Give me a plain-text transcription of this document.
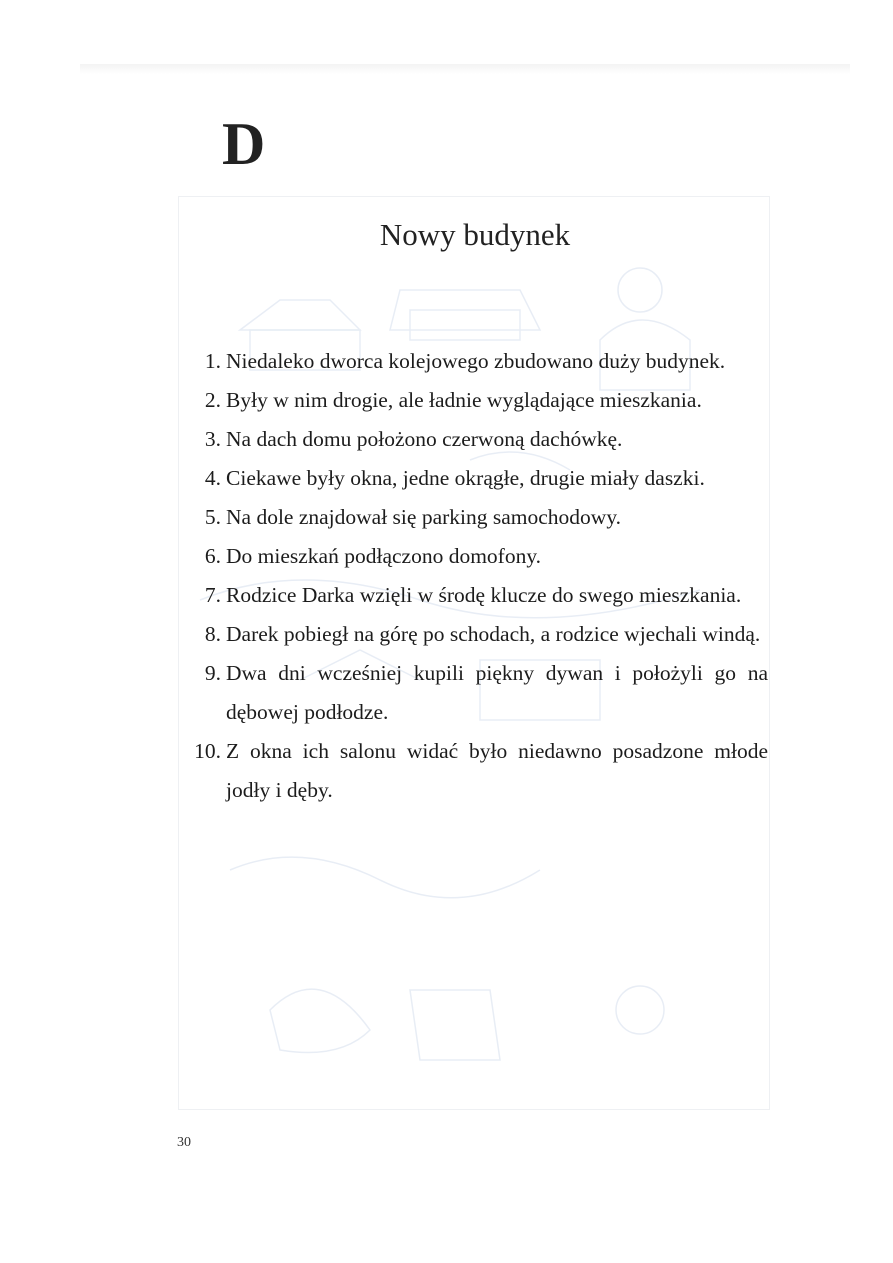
D
Nowy budynek
1. Niedaleko dworca kolejowego zbudowano duży budynek.
2. Były w nim drogie, ale ładnie wyglądające mieszkania.
3. Na dach domu położono czerwoną dachówkę.
4. Ciekawe były okna, jedne okrągłe, drugie miały daszki.
5. Na dole znajdował się parking samochodowy.
6. Do mieszkań podłączono domofony.
7. Rodzice Darka wzięli w środę klucze do swego mieszkania.
8. Darek pobiegł na górę po schodach, a rodzice wjechali windą.
9. Dwa dni wcześniej kupili piękny dywan i położyli go na dębowej podłodze.
10. Z okna ich salonu widać było niedawno posadzone młode jodły i dęby.
30
